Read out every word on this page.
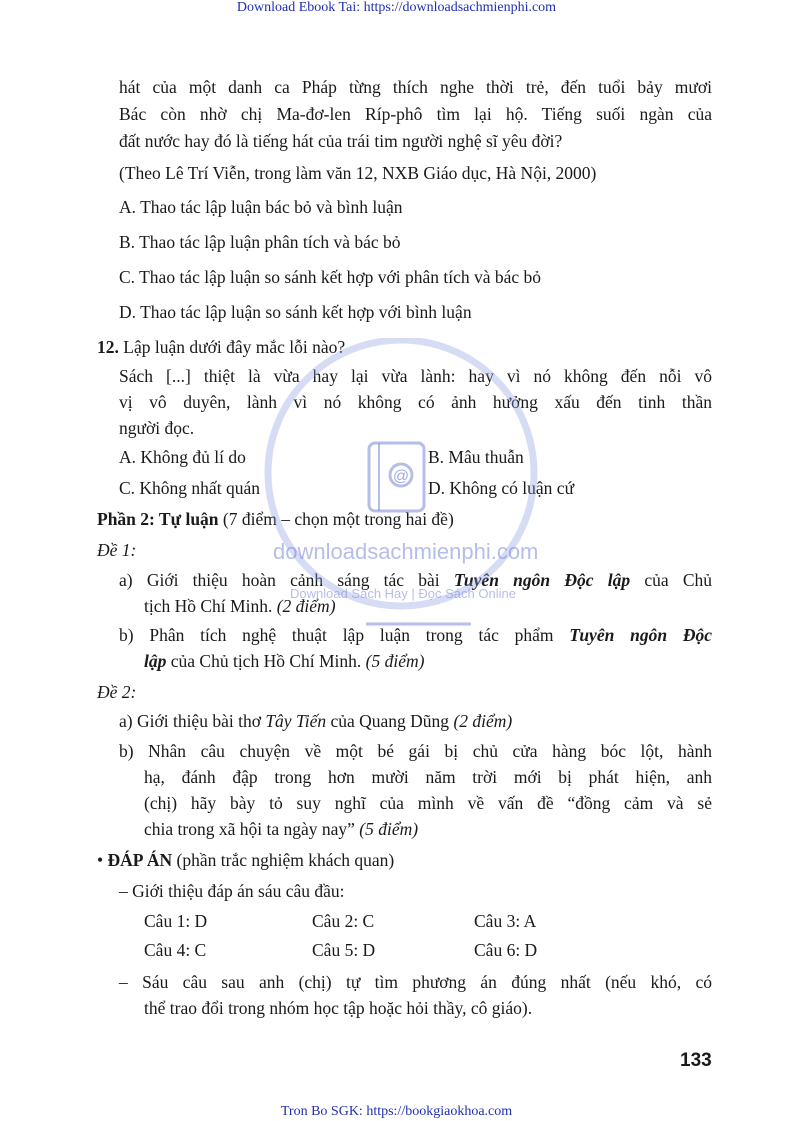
Download Ebook Tai: https://downloadsachmienphi.com
hát của một danh ca Pháp từng thích nghe thời trẻ, đến tuổi bảy mươi
Bác còn nhờ chị Ma-đơ-len Ríp-phô tìm lại hộ. Tiếng suối ngàn của
đất nước hay đó là tiếng hát của trái tim người nghệ sĩ yêu đời?
(Theo Lê Trí Viễn, trong làm văn 12, NXB Giáo dục, Hà Nội, 2000)
A. Thao tác lập luận bác bỏ và bình luận
B. Thao tác lập luận phân tích và bác bỏ
C. Thao tác lập luận so sánh kết hợp với phân tích và bác bỏ
D. Thao tác lập luận so sánh kết hợp với bình luận
12. Lập luận dưới đây mắc lỗi nào?
Sách [...] thiệt là vừa hay lại vừa lành: hay vì nó không đến nỗi vô
vị vô duyên, lành vì nó không có ảnh hưởng xấu đến tinh thần
người đọc.
A. Không đủ lí do	B. Mâu thuẫn
C. Không nhất quán	D. Không có luận cứ
Phần 2: Tự luận (7 điểm – chọn một trong hai đề)
Đề 1:
a) Giới thiệu hoàn cảnh sáng tác bài Tuyên ngôn Độc lập của Chủ
tịch Hồ Chí Minh. (2 điểm)
b) Phân tích nghệ thuật lập luận trong tác phẩm Tuyên ngôn Độc
lập của Chủ tịch Hồ Chí Minh. (5 điểm)
Đề 2:
a) Giới thiệu bài thơ Tây Tiến của Quang Dũng (2 điểm)
b) Nhân câu chuyện về một bé gái bị chủ cửa hàng bóc lột, hành
hạ, đánh đập trong hơn mười năm trời mới bị phát hiện, anh
(chị) hãy bày tỏ suy nghĩ của mình về vấn đề “đồng cảm và sẻ
chia trong xã hội ta ngày nay” (5 điểm)
• ĐÁP ÁN (phần trắc nghiệm khách quan)
– Giới thiệu đáp án sáu câu đầu:
Câu 1: D	Câu 2: C	Câu 3: A
Câu 4: C	Câu 5: D	Câu 6: D
– Sáu câu sau anh (chị) tự tìm phương án đúng nhất (nếu khó, có
thể trao đổi trong nhóm học tập hoặc hỏi thầy, cô giáo).
133
@
downloadsachmienphi.com
Download Sách Hay | Đọc Sách Online
Tron Bo SGK: https://bookgiaokhoa.com
